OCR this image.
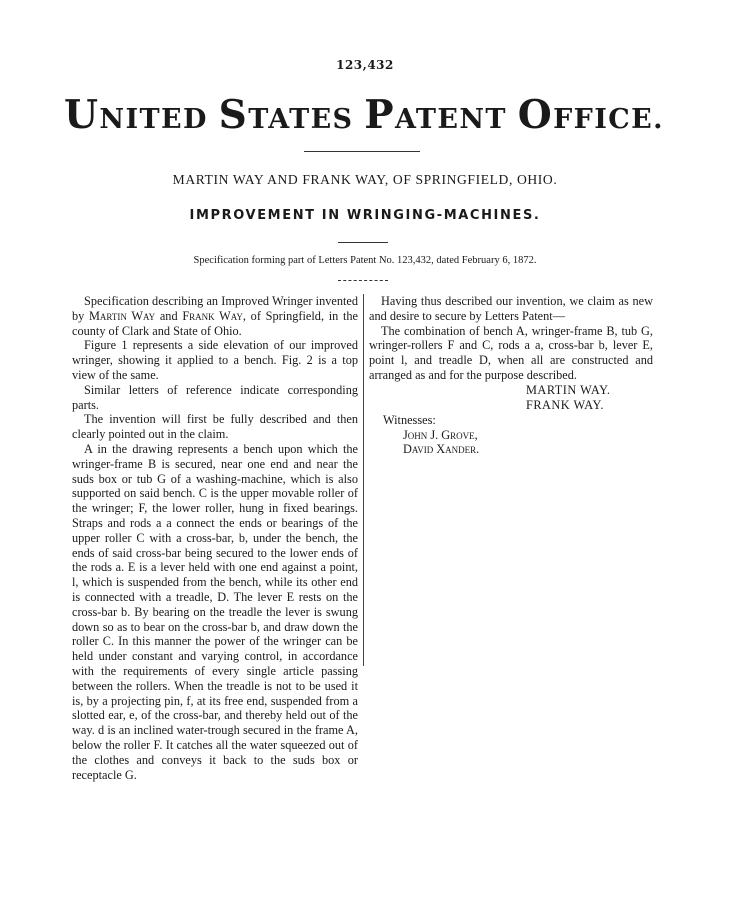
123,432
UNITED STATES PATENT OFFICE.
MARTIN WAY AND FRANK WAY, OF SPRINGFIELD, OHIO.
IMPROVEMENT IN WRINGING-MACHINES.
Specification forming part of Letters Patent No. 123,432, dated February 6, 1872.

Specification describing an Improved Wringer invented by Martin Way and Frank Way, of Springfield, in the county of Clark and State of Ohio.

Figure 1 represents a side elevation of our improved wringer, showing it applied to a bench. Fig. 2 is a top view of the same.

Similar letters of reference indicate corresponding parts.

The invention will first be fully described and then clearly pointed out in the claim.

A in the drawing represents a bench upon which the wringer-frame B is secured, near one end and near the suds box or tub G of a washing-machine, which is also supported on said bench. C is the upper movable roller of the wringer; F, the lower roller, hung in fixed bearings. Straps and rods a a connect the ends or bearings of the upper roller C with a cross-bar, b, under the bench, the ends of said cross-bar being secured to the lower ends of the rods a. E is a lever held with one end against a point, l, which is suspended from the bench, while its other end is connected with a treadle, D. The lever E rests on the cross-bar b. By bearing on the treadle the lever is swung down so as to bear on the cross-bar b, and draw down the roller C. In this manner the power of the wringer can be held under constant and varying control, in accordance with the requirements of every single article passing between the rollers. When the treadle is not to be used it is, by a projecting pin, f, at its free end, suspended from a slotted ear, e, of the cross-bar, and thereby held out of the way. d is an inclined water-trough secured in the frame A, below the roller F. It catches all the water squeezed out of the clothes and conveys it back to the suds box or receptacle G.

Having thus described our invention, we claim as new and desire to secure by Letters Patent—

The combination of bench A, wringer-frame B, tub G, wringer-rollers F and C, rods a a, cross-bar b, lever E, point l, and treadle D, when all are constructed and arranged as and for the purpose described.

MARTIN WAY.
FRANK WAY.
Witnesses:
John J. Grove,
David Xander.
